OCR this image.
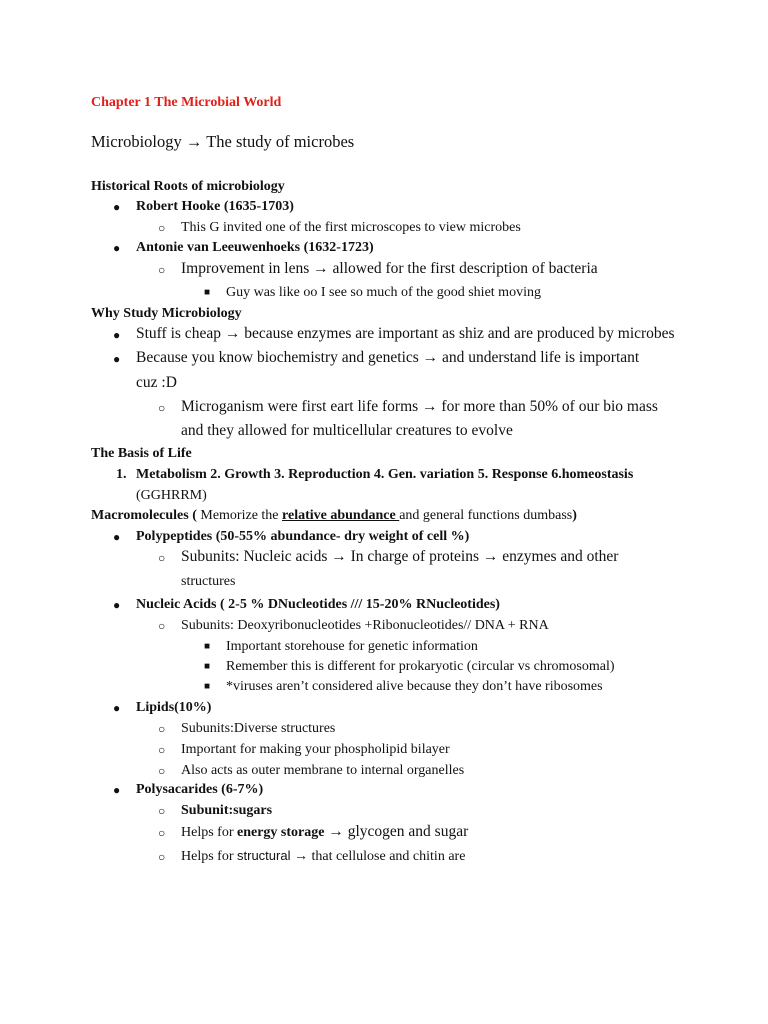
Chapter 1 The Microbial World
Microbiology → The study of microbes
Historical Roots of microbiology
● Robert Hooke (1635-1703)
○ This G invited one of the first microscopes to view microbes
● Antonie van Leeuwenhoeks (1632-1723)
○ Improvement in lens → allowed for the first description of bacteria
■ Guy was like oo I see so much of the good shiet moving
Why Study Microbiology
● Stuff is cheap → because enzymes are important as shiz and are produced by microbes
● Because you know biochemistry and genetics → and understand life is important
cuz :D
○ Microganism were first eart life forms → for more than 50% of our bio mass
and they allowed for multicellular creatures to evolve
The Basis of Life
1. Metabolism 2. Growth 3. Reproduction 4. Gen. variation 5. Response 6.homeostasis
(GGHRRM)
Macromolecules ( Memorize the relative abundance and general functions dumbass)
● Polypeptides (50-55% abundance- dry weight of cell %)
○ Subunits: Nucleic acids → In charge of proteins → enzymes and other
structures
● Nucleic Acids ( 2-5 % DNucleotides /// 15-20% RNucleotides)
○ Subunits: Deoxyribonucleotides +Ribonucleotides// DNA + RNA
■ Important storehouse for genetic information
■ Remember this is different for prokaryotic (circular vs chromosomal)
■ *viruses aren’t considered alive because they don’t have ribosomes
● Lipids(10%)
○ Subunits:Diverse structures
○ Important for making your phospholipid bilayer
○ Also acts as outer membrane to internal organelles
● Polysacarides (6-7%)
○ Subunit:sugars
○ Helps for energy storage → glycogen and sugar
○ Helps for structural → that cellulose and chitin are
